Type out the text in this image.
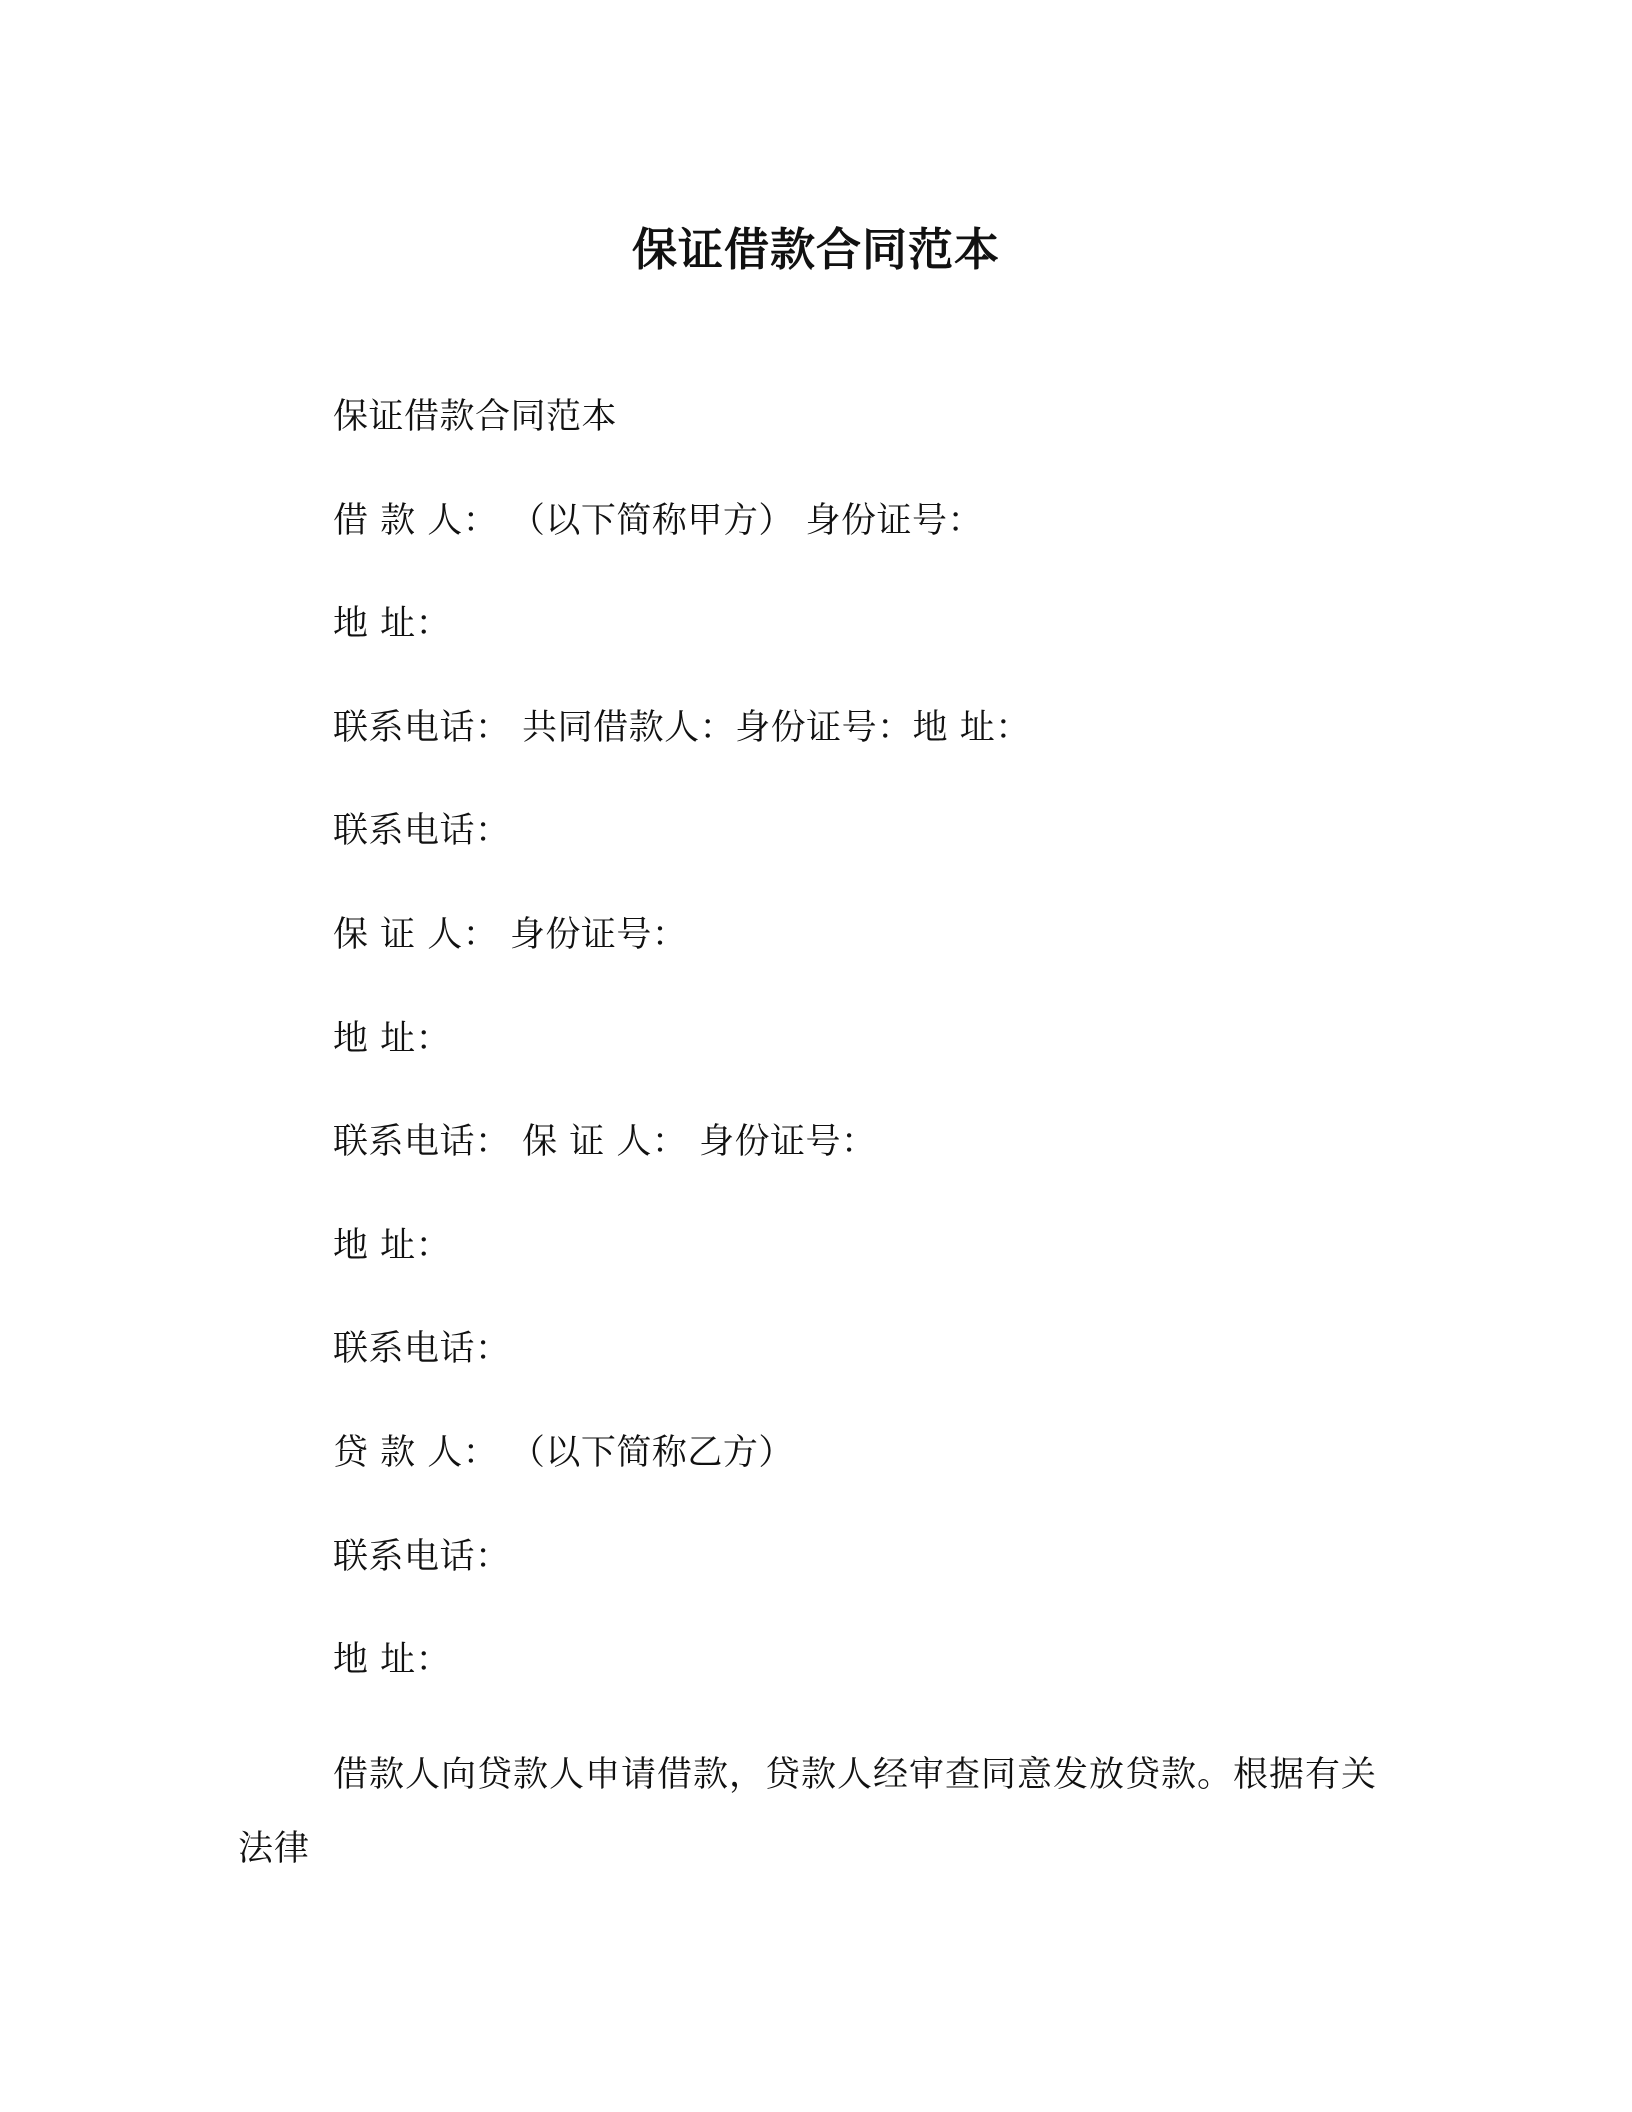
保证借款合同范本
保证借款合同范本
借 款 人： （以下简称甲方） 身份证号：
地 址：
联系电话： 共同借款人：身份证号：地 址：
联系电话：
保 证 人： 身份证号：
地 址：
联系电话： 保 证 人： 身份证号：
地 址：
联系电话：
贷 款 人： （以下简称乙方）
联系电话：
地 址：

借款人向贷款人申请借款，贷款人经审查同意发放贷款。根据有关法律
